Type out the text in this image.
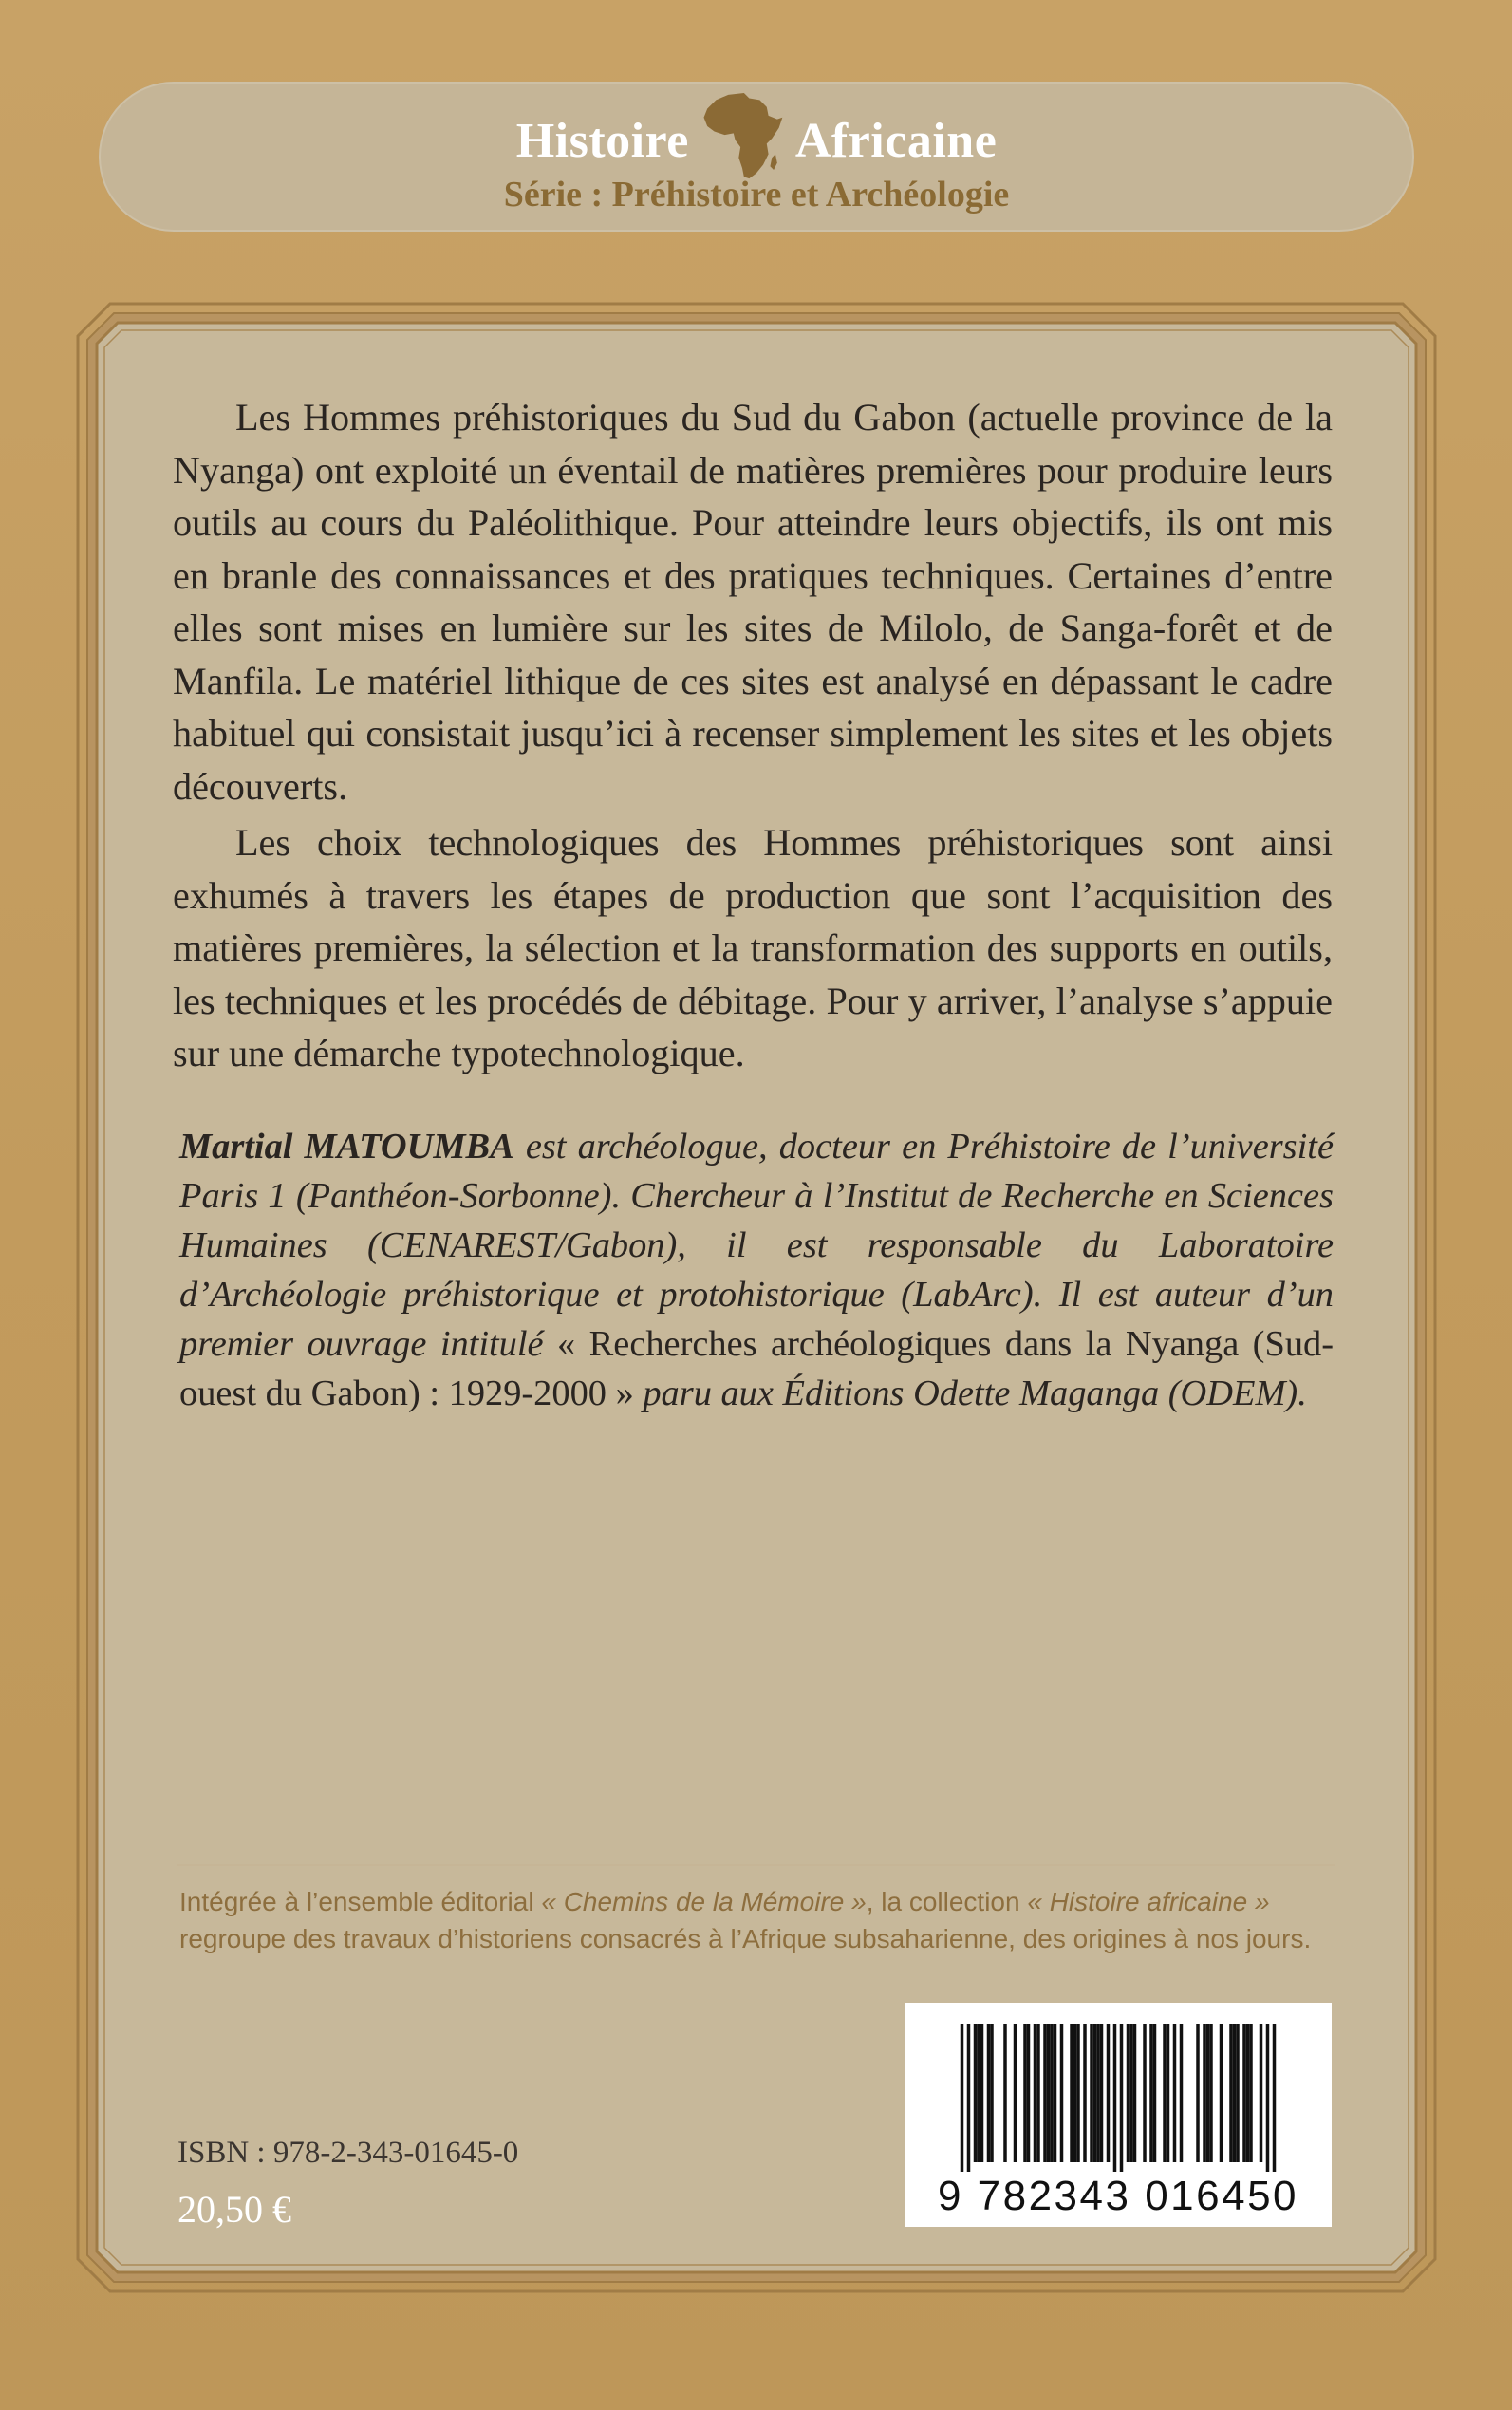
Histoire Africaine
Série : Préhistoire et Archéologie

Les Hommes préhistoriques du Sud du Gabon (actuelle province de la Nyanga) ont exploité un éventail de matières premières pour produire leurs outils au cours du Paléolithique. Pour atteindre leurs objectifs, ils ont mis en branle des connaissances et des pratiques techniques. Certaines d’entre elles sont mises en lumière sur les sites de Milolo, de Sanga-forêt et de Manfila. Le matériel lithique de ces sites est analysé en dépassant le cadre habituel qui consistait jusqu’ici à recenser simplement les sites et les objets découverts.

Les choix technologiques des Hommes préhistoriques sont ainsi exhumés à travers les étapes de production que sont l’acquisition des matières premières, la sélection et la transformation des supports en outils, les techniques et les procédés de débitage. Pour y arriver, l’analyse s’appuie sur une démarche typotechnologique.

Martial MATOUMBA est archéologue, docteur en Préhistoire de l’université Paris 1 (Panthéon-Sorbonne). Chercheur à l’Institut de Recherche en Sciences Humaines (CENAREST/Gabon), il est responsable du Laboratoire d’Archéologie préhistorique et protohistorique (LabArc). Il est auteur d’un premier ouvrage intitulé « Recherches archéologiques dans la Nyanga (Sud-ouest du Gabon) : 1929-2000 » paru aux Éditions Odette Maganga (ODEM).

Intégrée à l’ensemble éditorial « Chemins de la Mémoire », la collection « Histoire africaine » regroupe des travaux d’historiens consacrés à l’Afrique subsaharienne, des origines à nos jours.

ISBN : 978-2-343-01645-0
20,50 €	9 782343 016450
